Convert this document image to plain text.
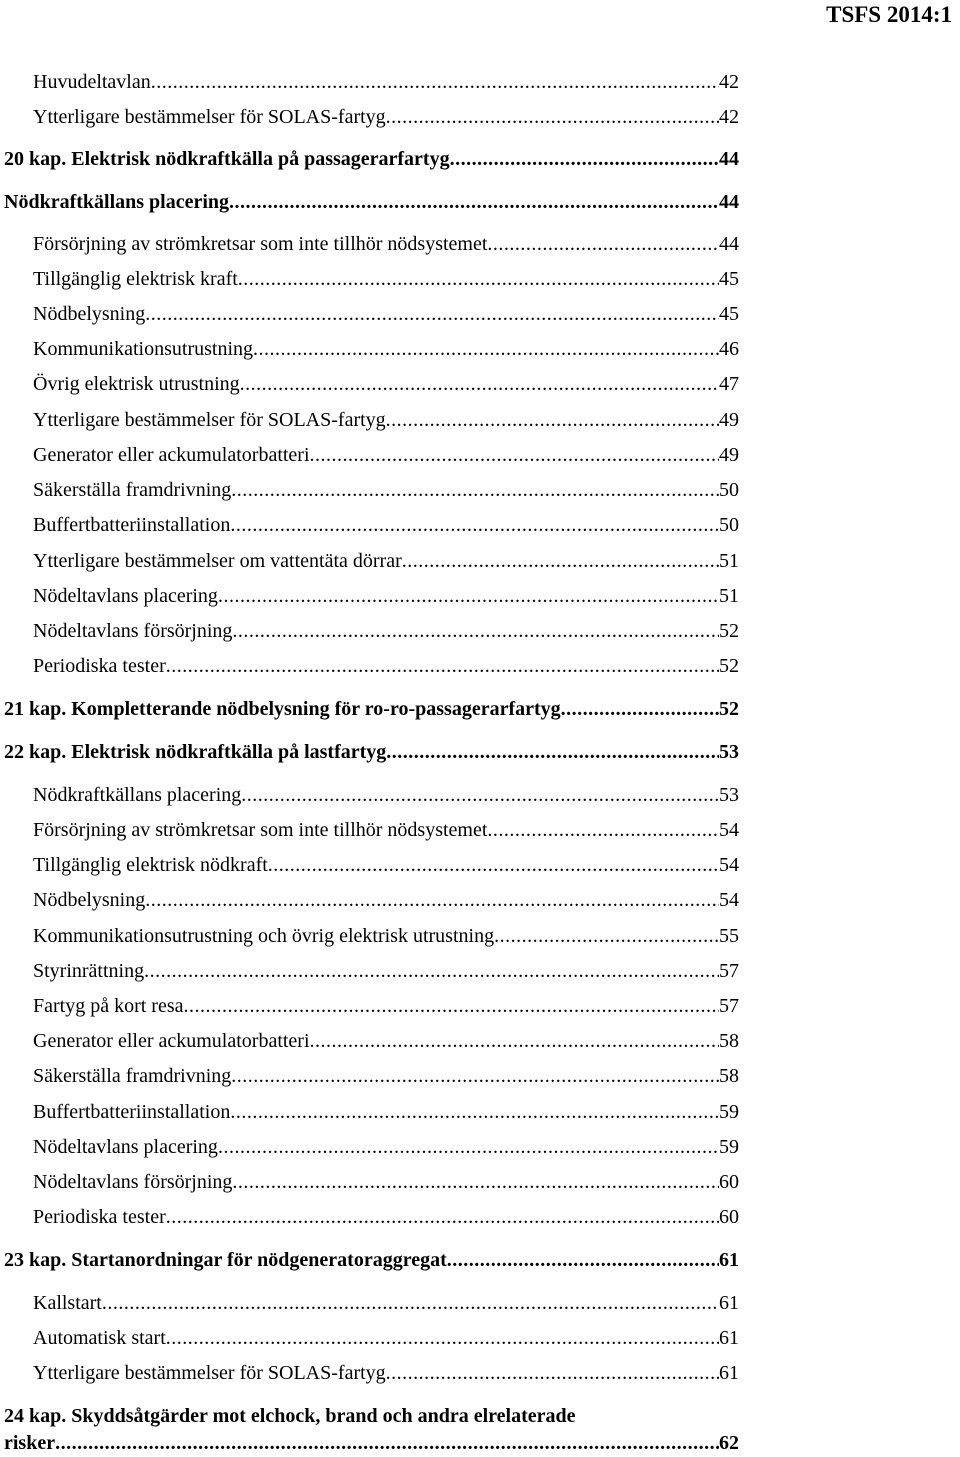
TSFS 2014:1
Huvudeltavlan .....	42
Ytterligare bestämmelser för SOLAS-fartyg .....	42
20 kap. Elektrisk nödkraftkälla på passagerarfartyg .....	44
Nödkraftkällans placering .....	44
Försörjning av strömkretsar som inte tillhör nödsystemet .....	44
Tillgänglig elektrisk kraft .....	45
Nödbelysning .....	45
Kommunikationsutrustning .....	46
Övrig elektrisk utrustning .....	47
Ytterligare bestämmelser för SOLAS-fartyg .....	49
Generator eller ackumulatorbatteri .....	49
Säkerställa framdrivning .....	50
Buffertbatteriinstallation .....	50
Ytterligare bestämmelser om vattentäta dörrar .....	51
Nödeltavlans placering .....	51
Nödeltavlans försörjning .....	52
Periodiska tester .....	52
21 kap. Kompletterande nödbelysning för ro-ro-passagerarfartyg .....	52
22 kap. Elektrisk nödkraftkälla på lastfartyg .....	53
Nödkraftkällans placering .....	53
Försörjning av strömkretsar som inte tillhör nödsystemet .....	54
Tillgänglig elektrisk nödkraft .....	54
Nödbelysning .....	54
Kommunikationsutrustning och övrig elektrisk utrustning .....	55
Styrinrättning .....	57
Fartyg på kort resa .....	57
Generator eller ackumulatorbatteri .....	58
Säkerställa framdrivning .....	58
Buffertbatteriinstallation .....	59
Nödeltavlans placering .....	59
Nödeltavlans försörjning .....	60
Periodiska tester .....	60
23 kap. Startanordningar för nödgeneratoraggregat .....	61
Kallstart .....	61
Automatisk start .....	61
Ytterligare bestämmelser för SOLAS-fartyg .....	61
24 kap. Skyddsåtgärder mot elchock, brand och andra elrelaterade
risker .....	62
